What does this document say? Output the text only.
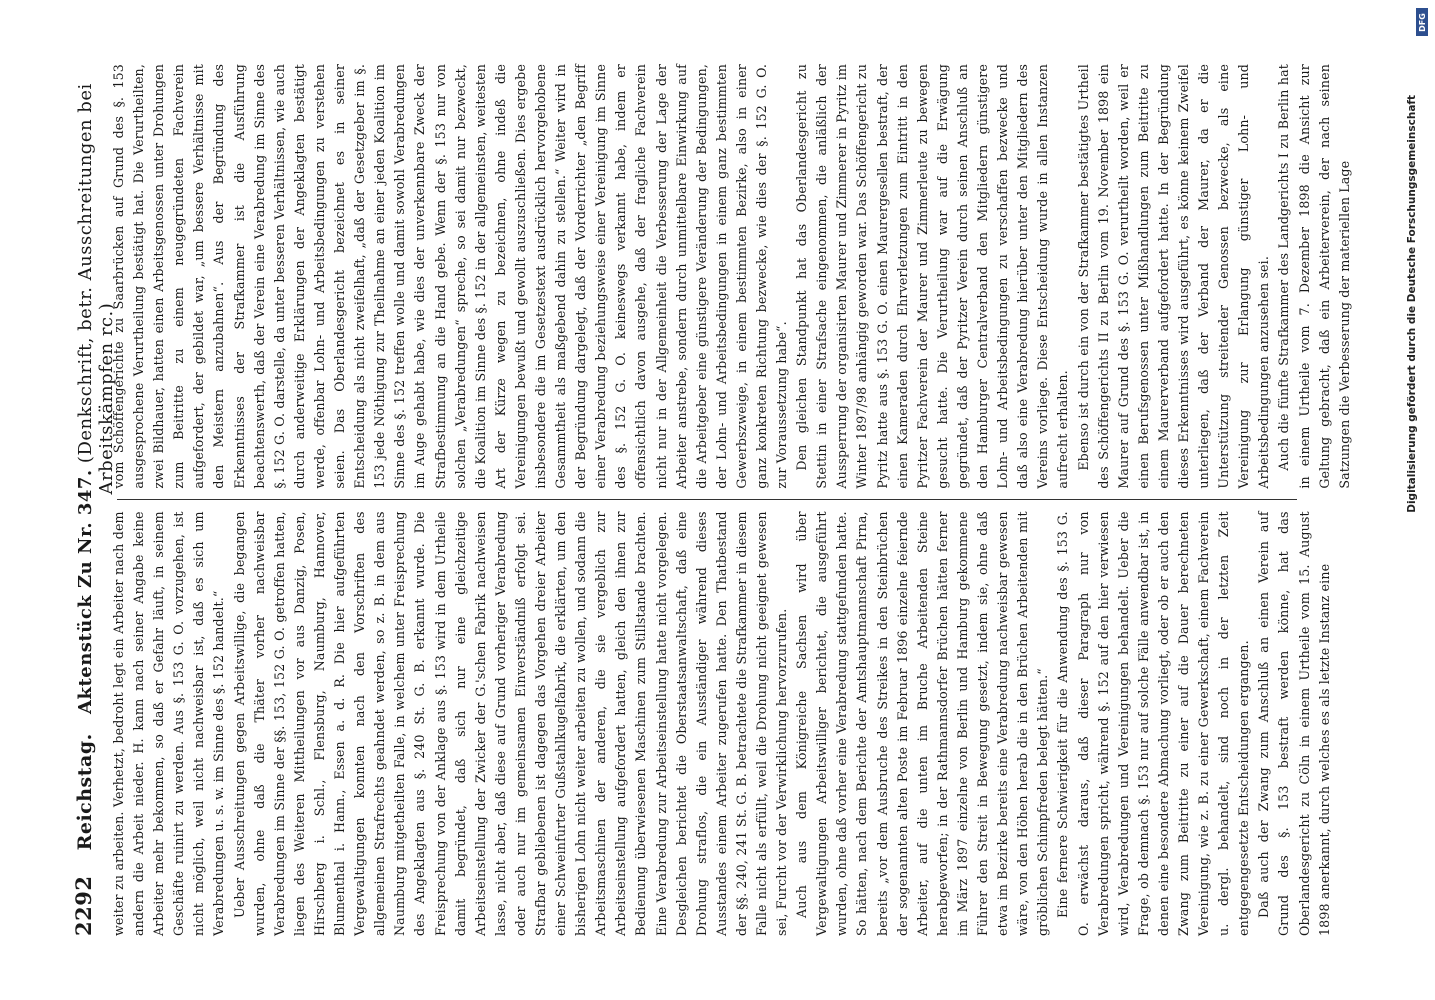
2292 Reichstag.
Aktenstück Zu Nr. 347. (Denkschrift, betr. Ausschreitungen bei Arbeitskämpfen rc.)

weiter zu arbeiten. Verhetzt, bedroht legt ein Arbeiter nach dem andern die Arbeit nieder. H. kann nach seiner Angabe keine Arbeiter mehr bekommen, so daß er Gefahr läuft, in seinem Geschäfte ruinirt zu werden. Aus §. 153 G. O. vorzugehen, ist nicht möglich, weil nicht nachweisbar ist, daß es sich um Verabredungen u. s. w. im Sinne des §. 152 handelt.“ Ueber Ausschreitungen gegen Arbeitswillige, die begangen wurden, ohne daß die Thäter vorher nachweisbar Verabredungen im Sinne der §§. 153, 152 G. O. getroffen hatten, liegen des Weiteren Mittheilungen vor aus Danzig, Posen, Hirschberg i. Schl., Flensburg, Naumburg, Hannover, Blumenthal i. Hann., Essen a. d. R. Die hier aufgeführten Vergewaltigungen konnten nach den Vorschriften des allgemeinen Strafrechts geahndet werden, so z. B. in dem aus Naumburg mitgetheilten Falle, in welchem unter Freisprechung des Angeklagten aus §. 240 St. G. B. erkannt wurde. Die Freisprechung von der Anklage aus §. 153 wird in dem Urtheile damit begründet, daß sich nur eine gleichzeitige Arbeitseinstellung der Zwicker der G.'schen Fabrik nachweisen lasse, nicht aber, daß diese auf Grund vorheriger Verabredung oder auch nur im gemeinsamen Einverständniß erfolgt sei. Strafbar gebliebenen ist dagegen das Vorgehen dreier Arbeiter einer Schweinfurter Gußstahlkugelfabrik, die erklärten, um den bisherigen Lohn nicht weiter arbeiten zu wollen, und sodann die Arbeitsmaschinen der anderen, die sie vergeblich zur Arbeitseinstellung aufgefordert hatten, gleich den ihnen zur Bedienung überwiesenen Maschinen zum Stillstande brachten. Eine Verabredung zur Arbeitseinstellung hatte nicht vorgelegen. Desgleichen berichtet die Oberstaatsanwaltschaft, daß eine Drohung straflos, die ein Ausständiger während dieses Ausstandes einem Arbeiter zugerufen hatte. Den Thatbestand der §§. 240, 241 St. G. B. betrachtete die Strafkammer in diesem Falle nicht als erfüllt, weil die Drohung nicht geeignet gewesen sei, Furcht vor der Verwirklichung hervorzurufen. Auch aus dem Königreiche Sachsen wird über Vergewaltigungen Arbeitswilliger berichtet, die ausgeführt wurden, ohne daß vorher eine Verabredung stattgefunden hatte. So hätten, nach dem Berichte der Amtshauptmannschaft Pirna, bereits „vor dem Ausbruche des Streikes in den Steinbrüchen der sogenannten alten Poste im Februar 1896 einzelne feiernde Arbeiter, auf die unten im Bruche Arbeitenden Steine herabgeworfen; in der Rathmannsdorfer Brüchen hätten ferner im März 1897 einzelne von Berlin und Hamburg gekommene Führer den Streit in Bewegung gesetzt, indem sie, ohne daß etwa im Bezirke bereits eine Verabredung nachweisbar gewesen wäre, von den Höhen herab die in den Brüchen Arbeitenden mit gröblichen Schimpfreden belegt hätten.“ Eine fernere Schwierigkeit für die Anwendung des §. 153 G. O. erwächst daraus, daß dieser Paragraph nur von Verabredungen spricht, während §. 152 auf den hier verwiesen wird, Verabredungen und Vereinigungen behandelt. Ueber die Frage, ob demnach §. 153 nur auf solche Fälle anwendbar ist, in denen eine besondere Abmachung vorliegt, oder ob er auch den Zwang zum Beitritte zu einer auf die Dauer berechneten Vereinigung, wie z. B. zu einer Gewerkschaft, einem Fachverein u. dergl. behandelt, sind noch in der letzten Zeit entgegengesetzte Entscheidungen ergangen. Daß auch der Zwang zum Anschluß an einen Verein auf Grund des §. 153 bestraft werden könne, hat das Oberlandesgericht zu Cöln in einem Urtheile vom 15. August 1898 anerkannt, durch welches es als letzte Instanz eine

vom Schöffengerichte zu Saarbrücken auf Grund des §. 153 ausgesprochene Verurtheilung bestätigt hat. Die Verurtheilten, zwei Bildhauer, hatten einen Arbeitsgenossen unter Drohungen zum Beitritte zu einem neugegründeten Fachverein aufgefordert, der gebildet war, „um bessere Verhältnisse mit den Meistern anzubahnen“. Aus der Begründung des Erkenntnisses der Strafkammer ist die Ausführung beachtenswerth, daß der Verein eine Verabredung im Sinne des §. 152 G. O. darstelle, da unter besseren Verhältnissen, wie auch durch anderweitige Erklärungen der Angeklagten bestätigt werde, offenbar Lohn- und Arbeitsbedingungen zu verstehen seien. Das Oberlandesgericht bezeichnet es in seiner Entscheidung als nicht zweifelhaft, „daß der Gesetzgeber im §. 153 jede Nöthigung zur Theilnahme an einer jeden Koalition im Sinne des §. 152 treffen wolle und damit sowohl Verabredungen im Auge gehabt habe, wie dies der unverkennbare Zweck der Strafbestimmung an die Hand gebe. Wenn der §. 153 nur von solchen „Verabredungen“ spreche, so sei damit nur bezweckt, die Koalition im Sinne des §. 152 in der allgemeinsten, weitesten Art der Kürze wegen zu bezeichnen, ohne indeß die Vereinigungen bewußt und gewollt auszuschließen. Dies ergebe insbesondere die im Gesetzestext ausdrücklich hervorgehobene Gesammtheit als maßgebend dahin zu stellen.“ Weiter wird in der Begründung dargelegt, daß der Vorderrichter „den Begriff einer Verabredung beziehungsweise einer Vereinigung im Sinne des §. 152 G. O. keineswegs verkannt habe, indem er offensichtlich davon ausgehe, daß der fragliche Fachverein nicht nur in der Allgemeinheit die Verbesserung der Lage der Arbeiter anstrebe, sondern durch unmittelbare Einwirkung auf die Arbeitgeber eine günstigere Veränderung der Bedingungen, der Lohn- und Arbeitsbedingungen in einem ganz bestimmten Gewerbszweige, in einem bestimmten Bezirke, also in einer ganz konkreten Richtung bezwecke, wie dies der §. 152 G. O. zur Voraussetzung habe“. Den gleichen Standpunkt hat das Oberlandesgericht zu Stettin in einer Strafsache eingenommen, die anläßlich der Aussperrung der organisirten Maurer und Zimmerer in Pyritz im Winter 1897/98 anhängig geworden war. Das Schöffengericht zu Pyritz hatte aus §. 153 G. O. einen Maurergesellen bestraft, der einen Kameraden durch Ehrverletzungen zum Eintritt in den Pyritzer Fachverein der Maurer und Zimmerleute zu bewegen gesucht hatte. Die Verurtheilung war auf die Erwägung gegründet, daß der Pyritzer Verein durch seinen Anschluß an den Hamburger Centralverband den Mitgliedern günstigere Lohn- und Arbeitsbedingungen zu verschaffen bezwecke und daß also eine Verabredung hierüber unter den Mitgliedern des Vereins vorliege. Diese Entscheidung wurde in allen Instanzen aufrecht erhalten. Ebenso ist durch ein von der Strafkammer bestätigtes Urtheil des Schöffengerichts II zu Berlin vom 19. November 1898 ein Maurer auf Grund des §. 153 G. O. verurtheilt worden, weil er einen Berufsgenossen unter Mißhandlungen zum Beitritte zu einem Maurerverband aufgefordert hatte. In der Begründung dieses Erkenntnisses wird ausgeführt, es könne keinem Zweifel unterliegen, daß der Verband der Maurer, da er die Unterstützung streitender Genossen bezwecke, als eine Vereinigung zur Erlangung günstiger Lohn- und Arbeitsbedingungen anzusehen sei. Auch die fünfte Strafkammer des Landgerichts I zu Berlin hat in einem Urtheile vom 7. Dezember 1898 die Ansicht zur Geltung gebracht, daß ein Arbeiterverein, der nach seinen Satzungen die Verbesserung der materiellen Lage	Digitalisierung gefördert durch die Deutsche Forschungsgemeinschaft
DFG
